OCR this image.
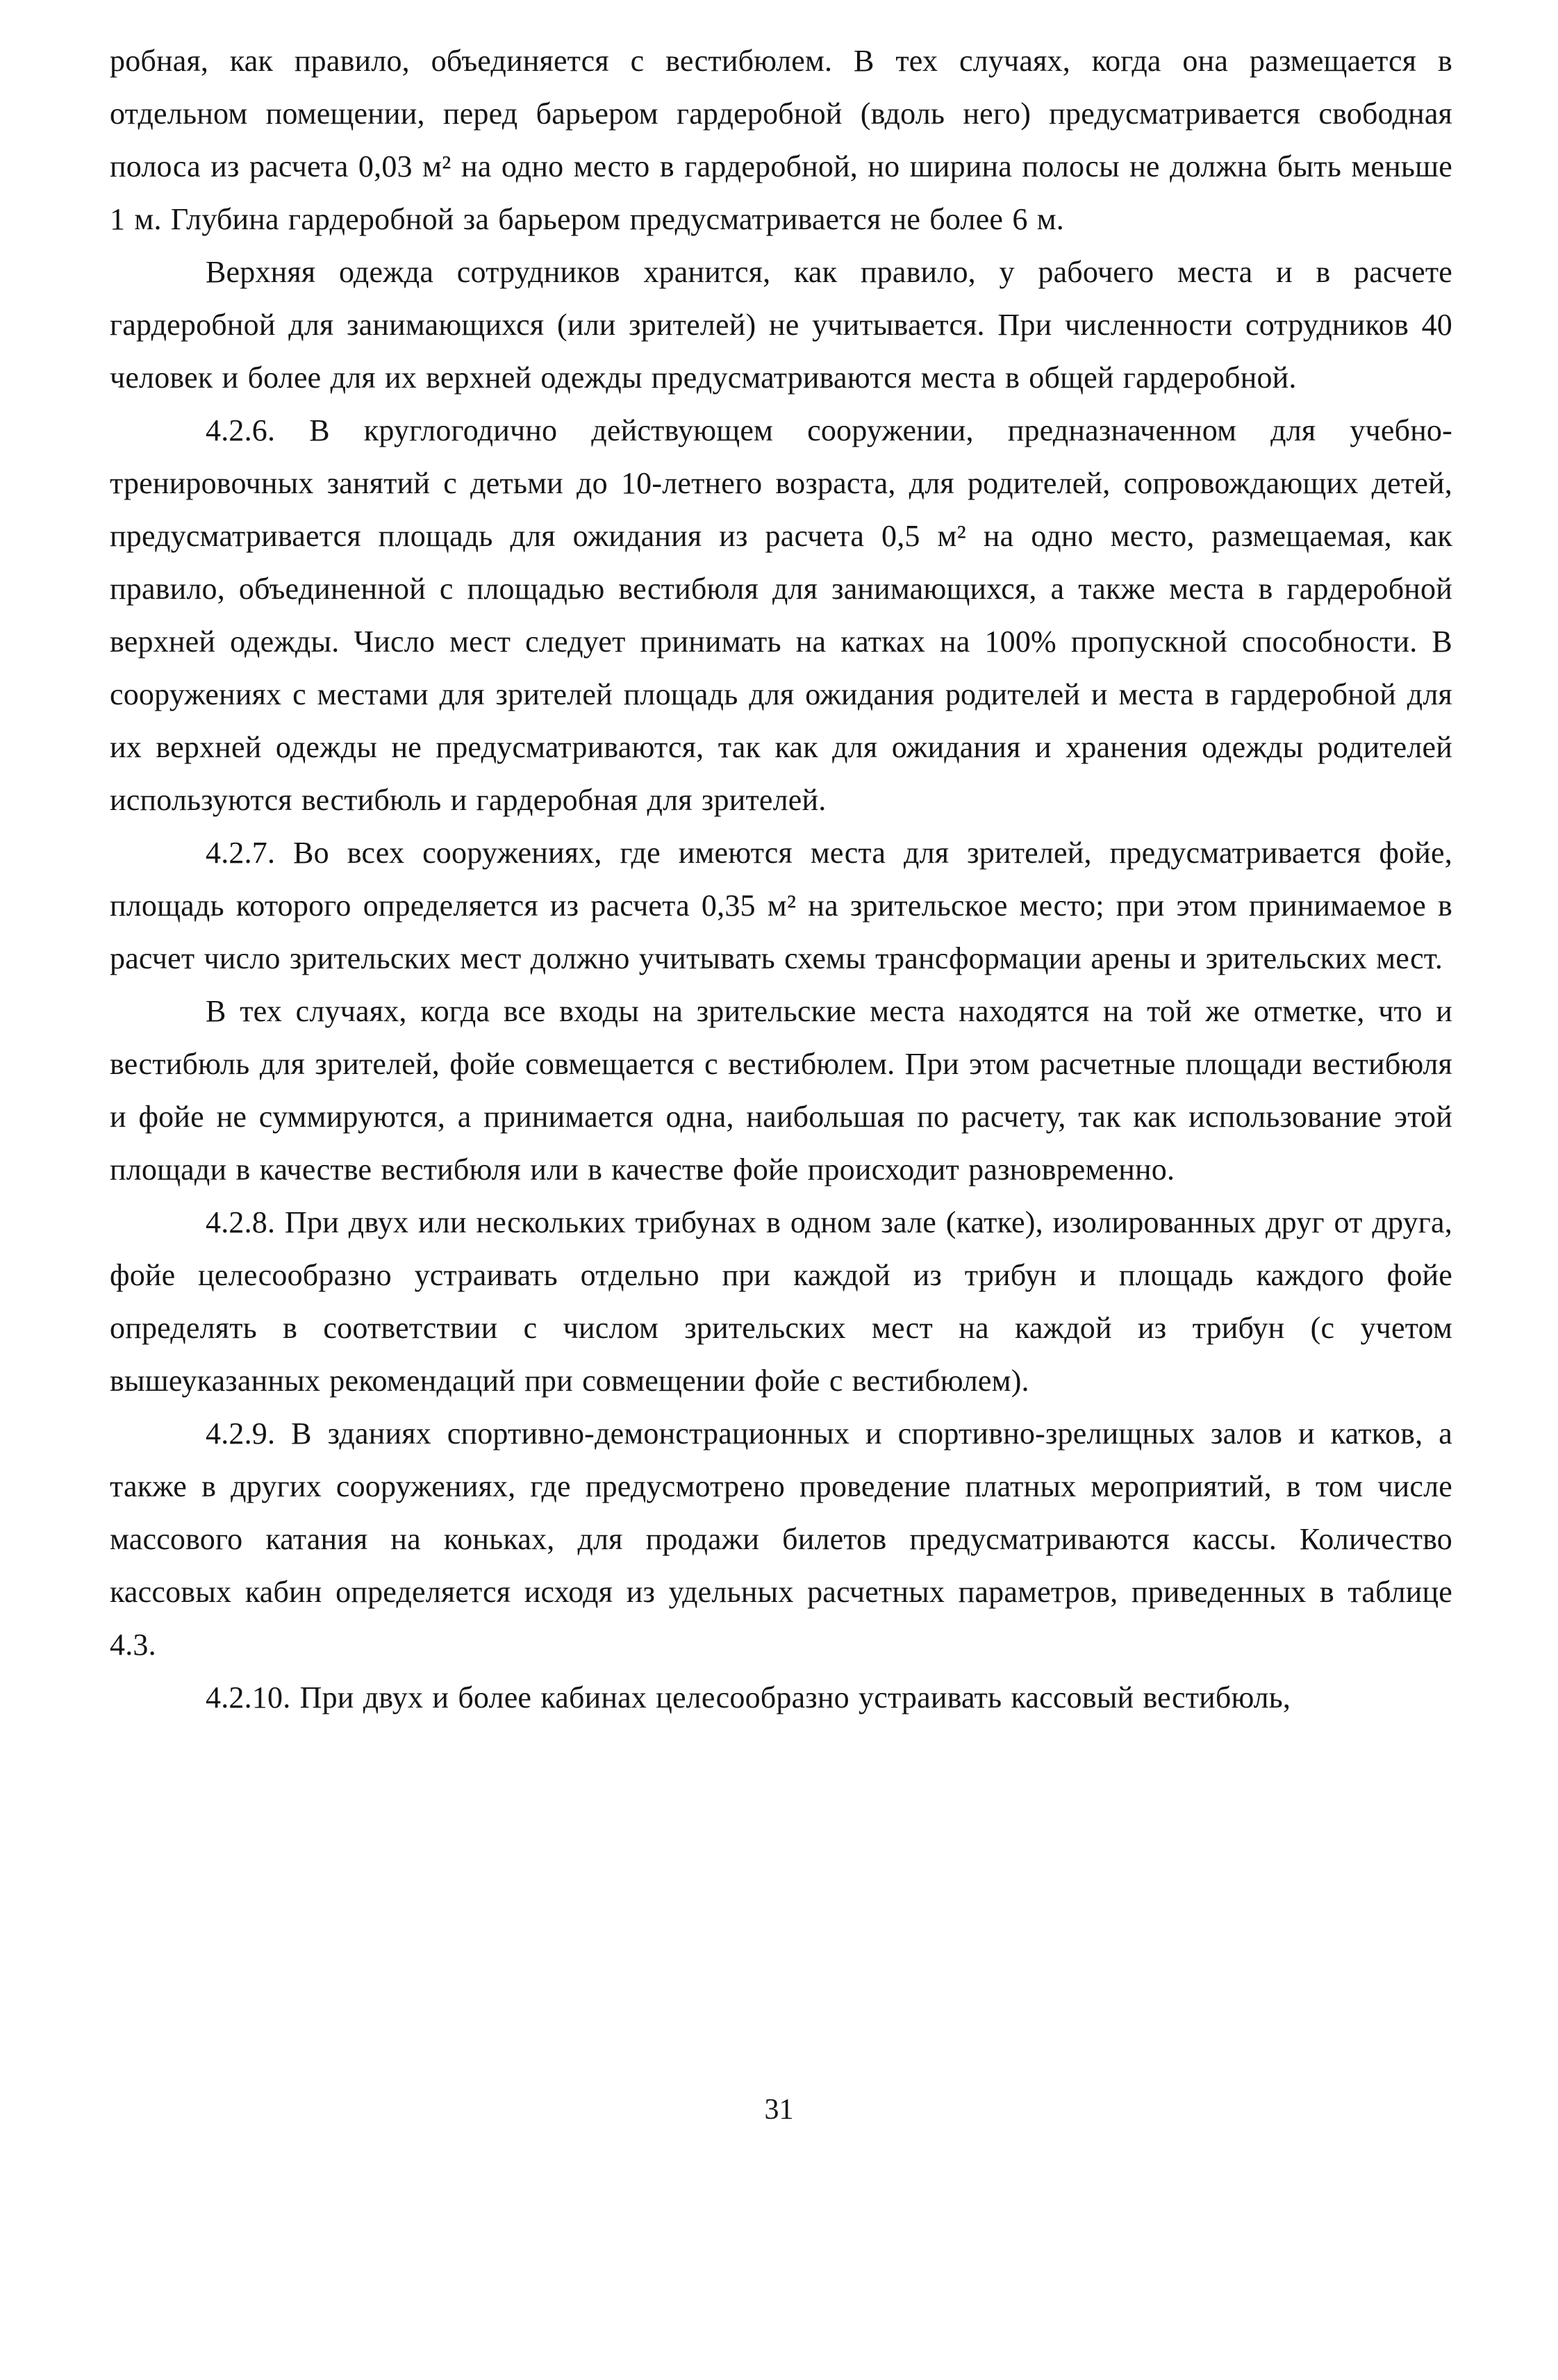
робная, как правило, объединяется с вестибюлем. В тех случаях, когда она размещается в отдельном помещении, перед барьером гардеробной (вдоль него) предусматривается свободная полоса из расчета 0,03 м² на одно место в гардеробной, но ширина полосы не должна быть меньше 1 м. Глубина гардеробной за барьером предусматривается не более 6 м.

Верхняя одежда сотрудников хранится, как правило, у рабочего места и в расчете гардеробной для занимающихся (или зрителей) не учитывается. При численности сотрудников 40 человек и более для их верхней одежды предусматриваются места в общей гардеробной.

4.2.6. В круглогодично действующем сооружении, предназначенном для учебно-тренировочных занятий с детьми до 10-летнего возраста, для родителей, сопровождающих детей, предусматривается площадь для ожидания из расчета 0,5 м² на одно место, размещаемая, как правило, объединенной с площадью вестибюля для занимающихся, а также места в гардеробной верхней одежды. Число мест следует принимать на катках на 100% пропускной способности. В сооружениях с местами для зрителей площадь для ожидания родителей и места в гардеробной для их верхней одежды не предусматриваются, так как для ожидания и хранения одежды родителей используются вестибюль и гардеробная для зрителей.

4.2.7. Во всех сооружениях, где имеются места для зрителей, предусматривается фойе, площадь которого определяется из расчета 0,35 м² на зрительское место; при этом принимаемое в расчет число зрительских мест должно учитывать схемы трансформации арены и зрительских мест.

В тех случаях, когда все входы на зрительские места находятся на той же отметке, что и вестибюль для зрителей, фойе совмещается с вестибюлем. При этом расчетные площади вестибюля и фойе не суммируются, а принимается одна, наибольшая по расчету, так как использование этой площади в качестве вестибюля или в качестве фойе происходит разновременно.

4.2.8. При двух или нескольких трибунах в одном зале (катке), изолированных друг от друга, фойе целесообразно устраивать отдельно при каждой из трибун и площадь каждого фойе определять в соответствии с числом зрительских мест на каждой из трибун (с учетом вышеуказанных рекомендаций при совмещении фойе с вестибюлем).

4.2.9. В зданиях спортивно-демонстрационных и спортивно-зрелищных залов и катков, а также в других сооружениях, где предусмотрено проведение платных мероприятий, в том числе массового катания на коньках, для продажи билетов предусматриваются кассы. Количество кассовых кабин определяется исходя из удельных расчетных параметров, приведенных в таблице 4.3.

4.2.10. При двух и более кабинах целесообразно устраивать кассовый вестибюль,

31
